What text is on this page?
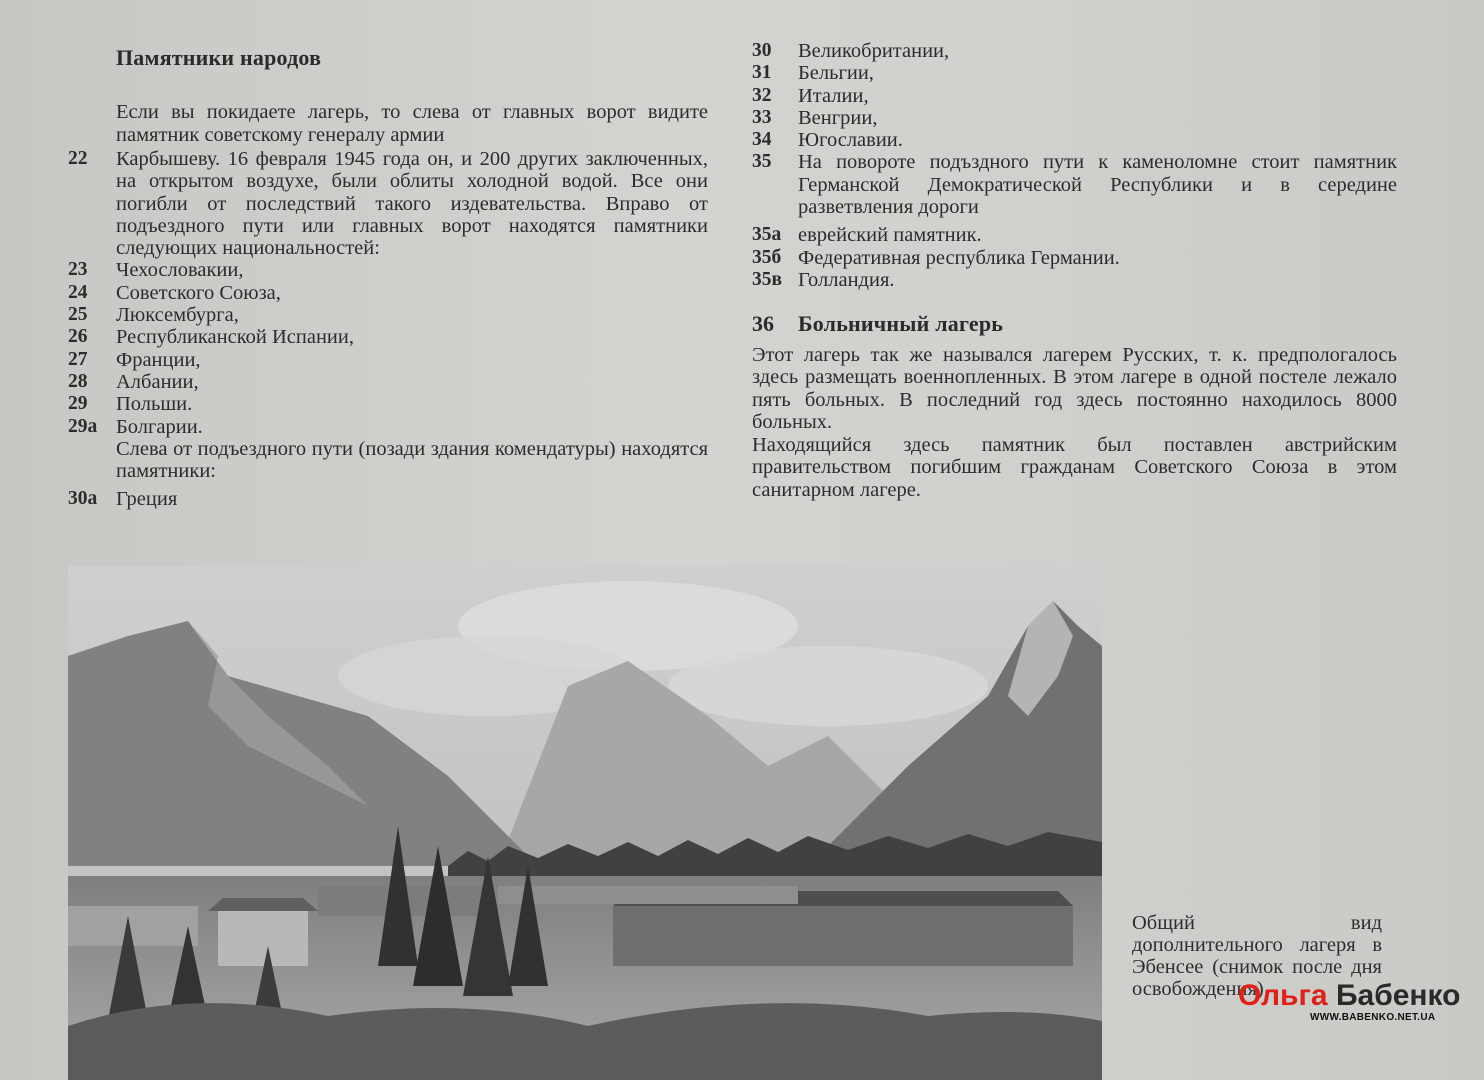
Памятники народов

Если вы покидаете лагерь, то слева от главных ворот видите памятник советскому генералу армии

22	Карбышеву. 16 февраля 1945 года он, и 200 других заключенных, на открытом воздухе, были облиты холодной водой. Все они погибли от последствий такого издевательства. Вправо от подъездного пути или главных ворот находятся памятники следующих национальностей:
23	Чехословакии,
24	Советского Союза,
25	Люксембурга,
26	Республиканской Испании,
27	Франции,
28	Албании,
29	Польши.
29а Болгарии.
Слева от подъездного пути (позади здания комендатуры) находятся памятники:
30а Греция
30	Великобритании,
31	Бельгии,
32	Италии,
33	Венгрии,
34	Югославии.
35	На повороте подъздного пути к каменоломне стоит памятник Германской Демократической Республики и в середине разветвления дороги
35а еврейский памятник.
35б Федеративная республика Германии.
35в Голландия.
36	Больничный лагерь

Этот лагерь так же назывался лагерем Русских, т. к. предпологалось здесь размещать военнопленных. В этом лагере в одной постеле лежало пять больных. В последний год здесь постоянно находилось 8000 больных.

Находящийся здесь памятник был поставлен австрийским правительством погибшим гражданам Советского Союза в этом санитарном лагере.

Общий вид дополнительного лагеря в Эбенсее (снимок после дня освобождения)
Ольга Бабенко
WWW.BABENKO.NET.UA
